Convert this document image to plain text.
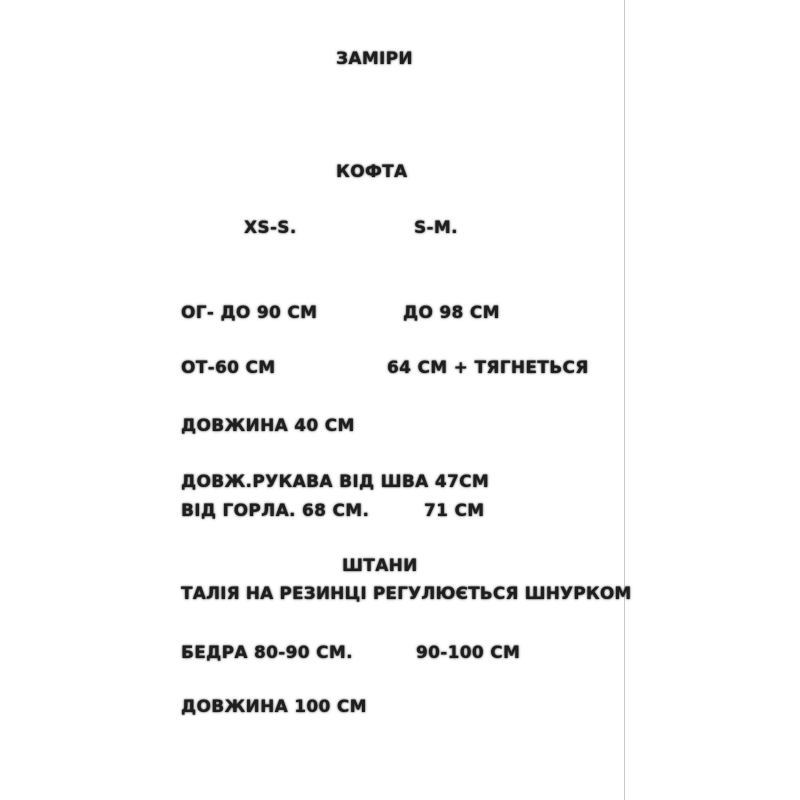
ЗАМІРИ
КОФТА
XS-S.	S-M.
ОГ- ДО 90 СМ	ДО 98 СМ
ОТ-60 СМ	64 СМ + ТЯГНЕТЬСЯ
ДОВЖИНА 40 СМ
ДОВЖ.РУКАВА ВІД ШВА 47СМ
ВІД ГОРЛА. 68 СМ.	71 СМ
ШТАНИ
ТАЛІЯ НА РЕЗИНЦІ РЕГУЛЮЄТЬСЯ ШНУРКОМ
БЕДРА 80-90 СМ.	90-100 СМ
ДОВЖИНА 100 СМ
